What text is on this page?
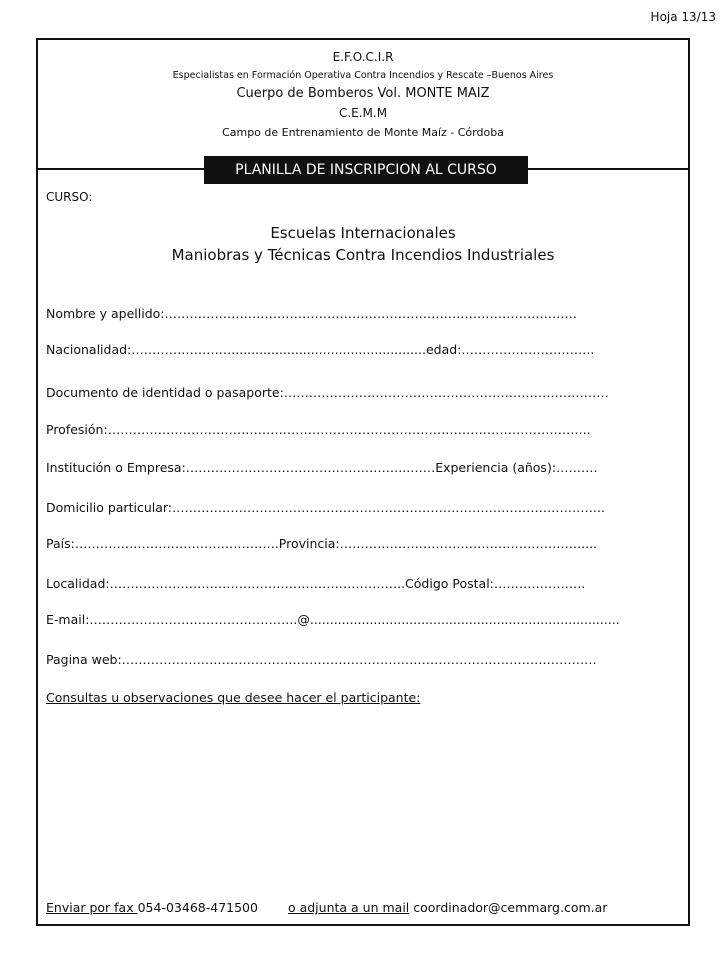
Hoja 13/13
E.F.O.C.I.R
Especialistas en Formación Operativa Contra Incendios y Rescate –Buenos Aires
Cuerpo de Bomberos Vol. MONTE MAIZ
C.E.M.M
Campo de Entrenamiento de Monte Maíz - Córdoba
PLANILLA DE INSCRIPCION AL CURSO
CURSO:
Escuelas Internacionales
Maniobras y Técnicas Contra Incendios Industriales
Nombre y apellido:………………………………………………………………………………………
Nacionalidad:…………………….................................................edad:…………………………..
Documento de identidad o pasaporte:……………………………………………………………………
Profesión:……………………………………………………………………………………………………..
Institución o Empresa:……………………………………………...……Experiencia (años):……….
Domicilio particular:…………………………………………………………………………………………..
País:………………………………………….Provincia:………………………………………………….....
Localidad:……………………………………………………………..Código Postal:………………….
E-mail:…………………………………………..@..............................................................................
Pagina web:……………………………………………………………………………………………………
Consultas u observaciones que desee hacer el participante:
Enviar por fax 054-03468-471500 o adjunta a un mail coordinador@cemmarg.com.ar
